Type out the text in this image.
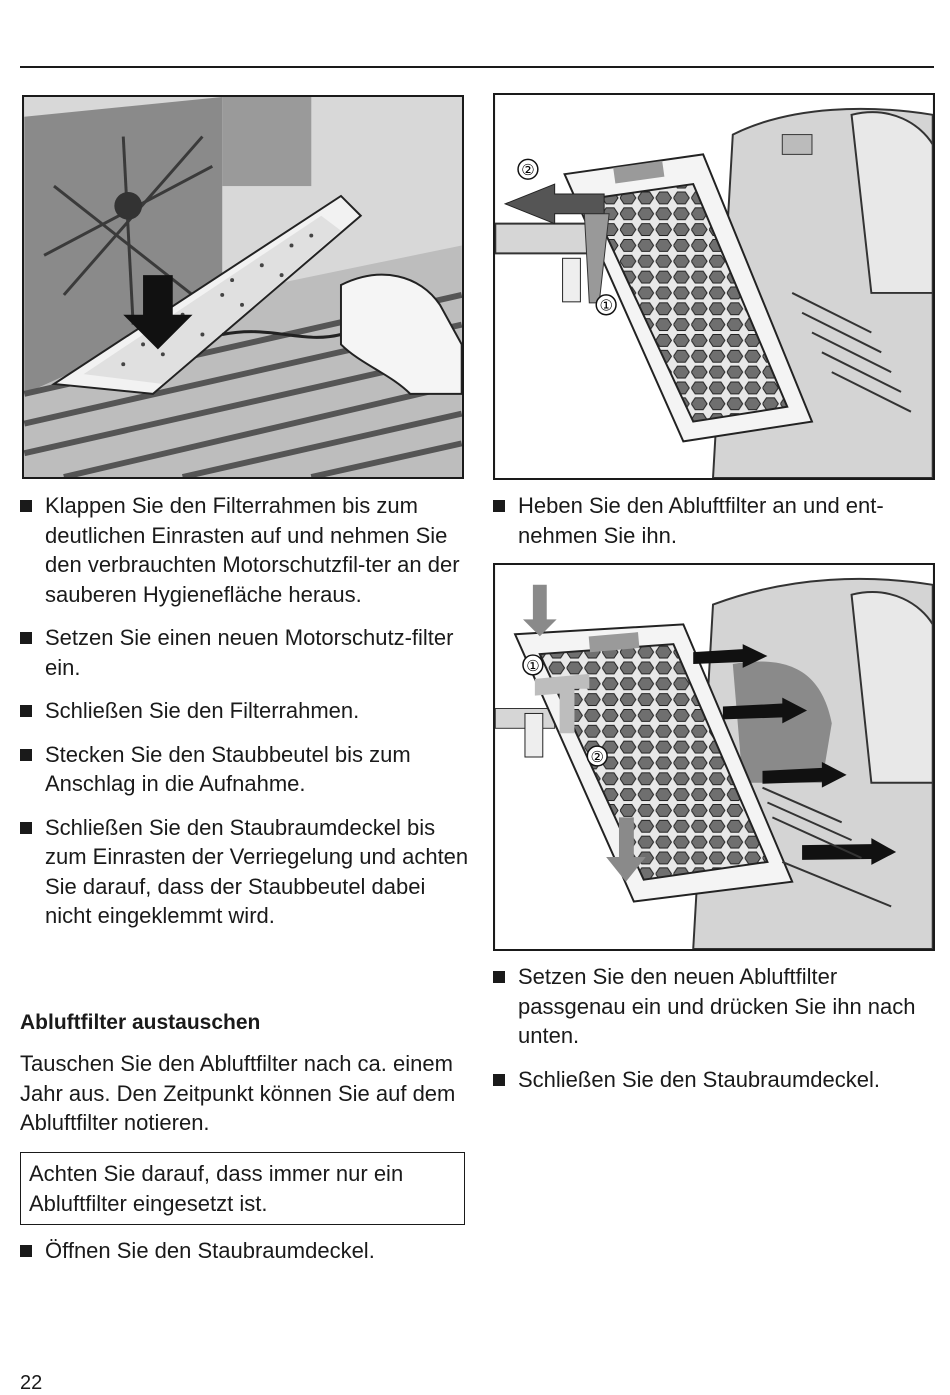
②
①
①
②
Klappen Sie den Filterrahmen bis zum deutlichen Einrasten auf und nehmen Sie den verbrauchten Motorschutzfil-ter an der sauberen Hygienefläche heraus.
Setzen Sie einen neuen Motorschutz-filter ein.
Schließen Sie den Filterrahmen.
Stecken Sie den Staubbeutel bis zum Anschlag in die Aufnahme.
Schließen Sie den Staubraumdeckel bis zum Einrasten der Verriegelung und achten Sie darauf, dass der Staubbeutel dabei nicht eingeklemmt wird.
Abluftfilter austauschen

Tauschen Sie den Abluftfilter nach ca. einem Jahr aus. Den Zeitpunkt können Sie auf dem Abluftfilter notieren.

Achten Sie darauf, dass immer nur ein Abluftfilter eingesetzt ist.
Öffnen Sie den Staubraumdeckel.
Heben Sie den Abluftfilter an und ent-nehmen Sie ihn.
Setzen Sie den neuen Abluftfilter passgenau ein und drücken Sie ihn nach unten.
Schließen Sie den Staubraumdeckel.
22
